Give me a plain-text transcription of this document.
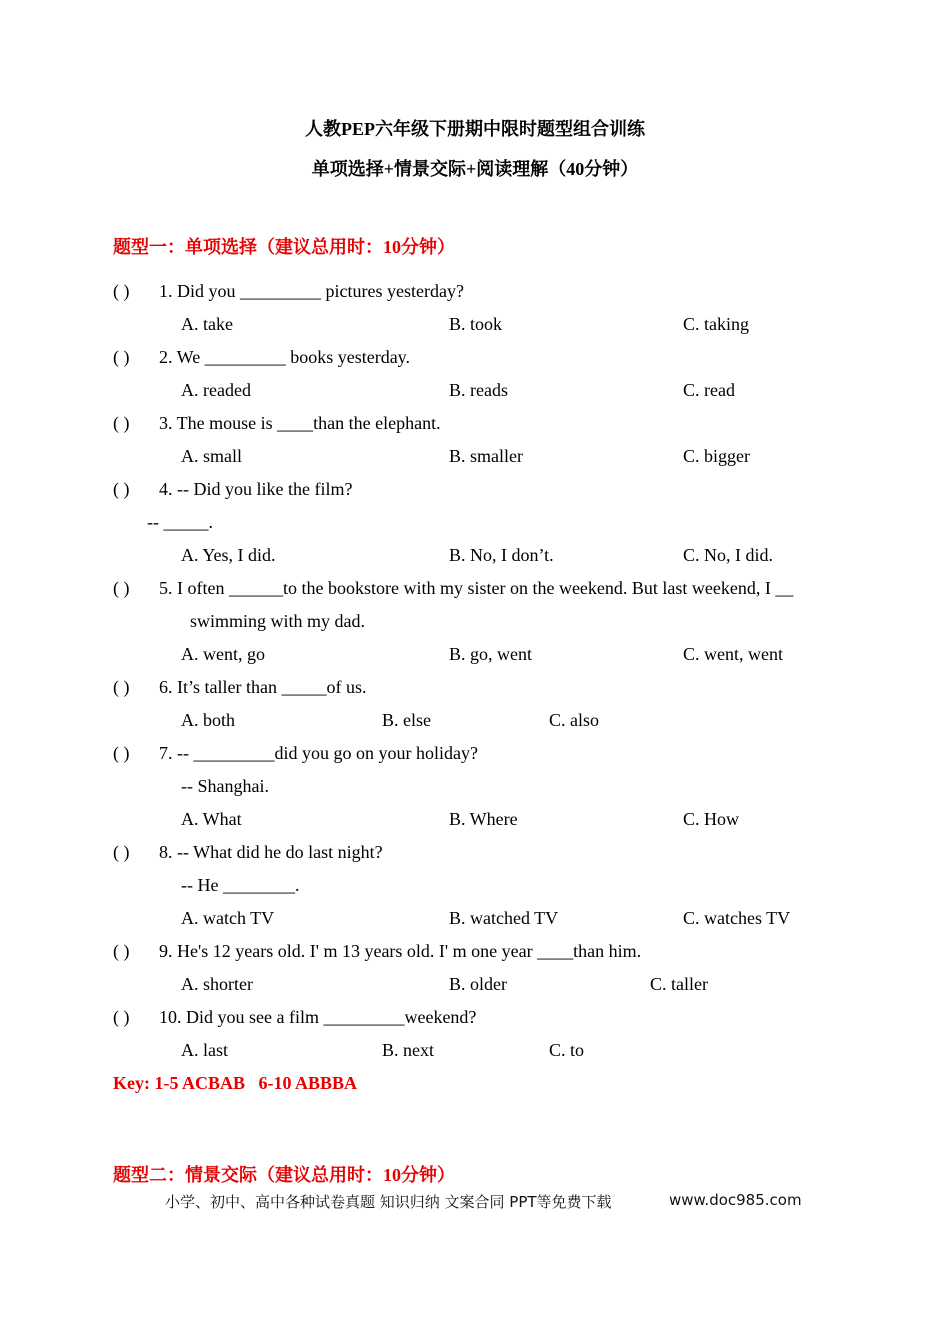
人教PEP六年级下册期中限时题型组合训练
单项选择+情景交际+阅读理解（40分钟）
题型一：单项选择（建议总用时：10分钟）
( ) 1. Did you _________ pictures yesterday?
A. take	B. took	C. taking
( ) 2. We _________ books yesterday.
A. readed	B. reads	C. read
( ) 3. The mouse is ____than the elephant.
A. small	B. smaller	C. bigger
( ) 4. -- Did you like the film?
-- _____.
A. Yes, I did.	B. No, I don’t.	C. No, I did.
( ) 5. I often ______to the bookstore with my sister on the weekend. But last weekend, I __
swimming with my dad.
A. went, go	B. go, went	C. went, went
( ) 6. It’s taller than _____of us.
A. both	B. else	C. also
( ) 7. -- _________did you go on your holiday?
-- Shanghai.
A. What	B. Where	C. How
( ) 8. -- What did he do last night?
-- He ________.
A. watch TV	B. watched TV	C. watches TV
( ) 9. He's 12 years old. I' m 13 years old. I' m one year ____than him.
A. shorter	B. older	C. taller
( ) 10. Did you see a film _________weekend?
A. last	B. next	C. to
Key: 1-5 ACBAB   6-10 ABBBA
题型二：情景交际（建议总用时：10分钟）
小学、初中、高中各种试卷真题 知识归纳 文案合同 PPT等免费下载	www.doc985.com
